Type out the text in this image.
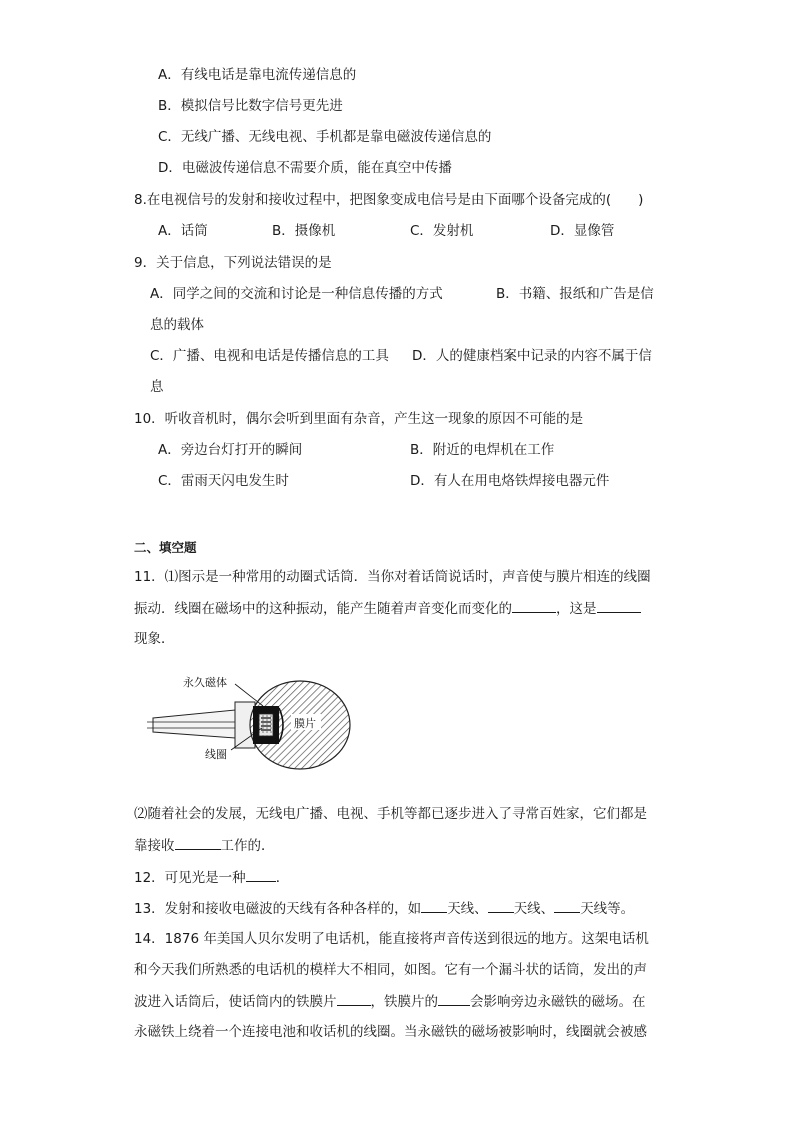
A．有线电话是靠电流传递信息的
B．模拟信号比数字信号更先进
C．无线广播、无线电视、手机都是靠电磁波传递信息的
D．电磁波传递信息不需要介质，能在真空中传播
8.在电视信号的发射和接收过程中，把图象变成电信号是由下面哪个设备完成的(　　)
A．话筒	B．摄像机	C．发射机	D．显像管
9．关于信息，下列说法错误的是
A．同学之间的交流和讨论是一种信息传播的方式	B．书籍、报纸和广告是信
息的载体
C．广播、电视和电话是传播信息的工具 D．人的健康档案中记录的内容不属于信
息
10．听收音机时，偶尔会听到里面有杂音，产生这一现象的原因不可能的是
A．旁边台灯打开的瞬间	B．附近的电焊机在工作
C．雷雨天闪电发生时	D．有人在用电烙铁焊接电器元件
二、填空题
11．⑴图示是一种常用的动圈式话筒．当你对着话筒说话时，声音使与膜片相连的线圈
振动．线圈在磁场中的这种振动，能产生随着声音变化而变化的	，这是
现象．
膜片
N
永久磁体
线圈
⑵随着社会的发展，无线电广播、电视、手机等都已逐步进入了寻常百姓家，它们都是
靠接收	工作的．
12．可见光是一种 ．
13．发射和接收电磁波的天线有各种各样的，如 天线、 天线、 天线等。
14．1876 年美国人贝尔发明了电话机，能直接将声音传送到很远的地方。这架电话机
和今天我们所熟悉的电话机的模样大不相同，如图。它有一个漏斗状的话筒，发出的声
波进入话筒后，使话筒内的铁膜片	，铁膜片的 会影响旁边永磁铁的磁场。在
永磁铁上绕着一个连接电池和收话机的线圈。当永磁铁的磁场被影响时，线圈就会被感
